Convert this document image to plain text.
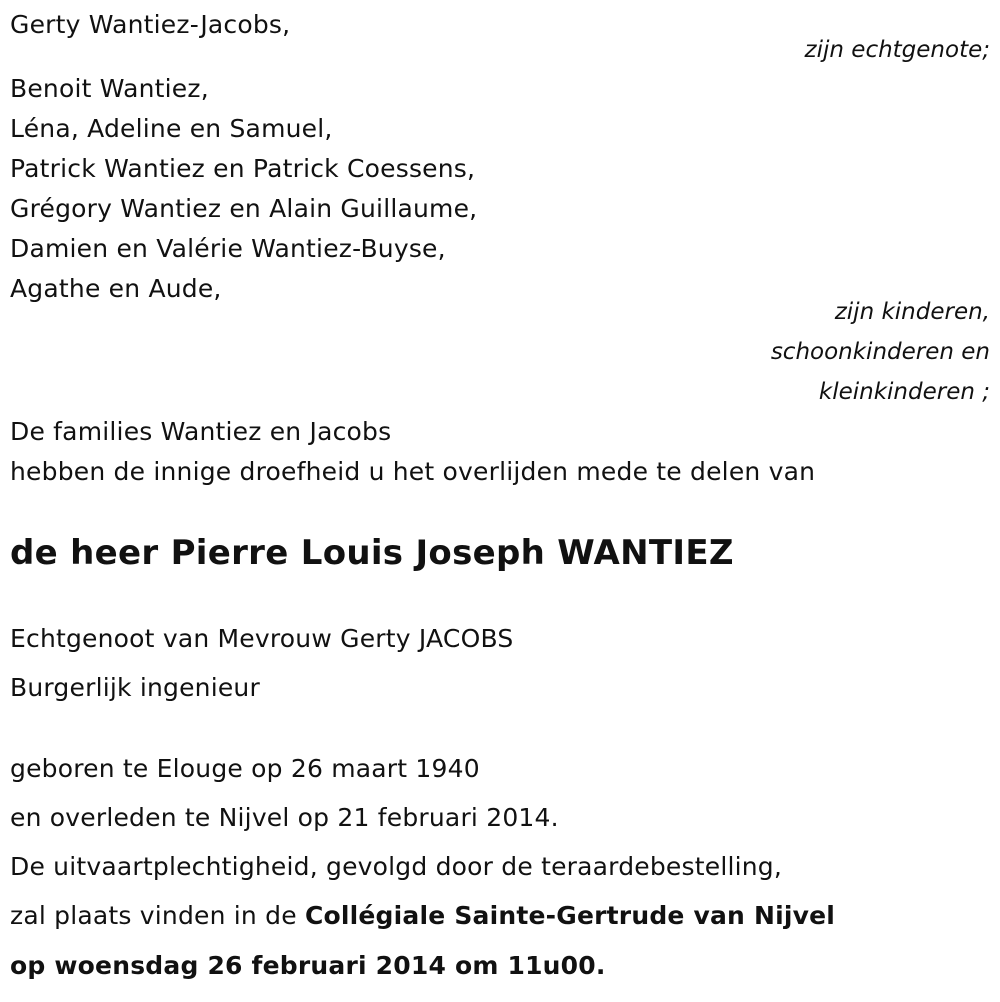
Gerty Wantiez-Jacobs,
zijn echtgenote;
Benoit Wantiez,
Léna, Adeline en Samuel,
Patrick Wantiez en Patrick Coessens,
Grégory Wantiez en Alain Guillaume,
Damien en Valérie Wantiez-Buyse,
Agathe en Aude,
zijn kinderen,
schoonkinderen en
kleinkinderen ;
De families Wantiez en Jacobs
hebben de innige droefheid u het overlijden mede te delen van
de heer Pierre Louis Joseph WANTIEZ
Echtgenoot van Mevrouw Gerty JACOBS
Burgerlijk ingenieur
geboren te Elouge op 26 maart 1940
en overleden te Nijvel op 21 februari 2014.
De uitvaartplechtigheid, gevolgd door de teraardebestelling,
zal plaats vinden in de Collégiale Sainte-Gertrude van Nijvel
op woensdag 26 februari 2014 om 11u00.
